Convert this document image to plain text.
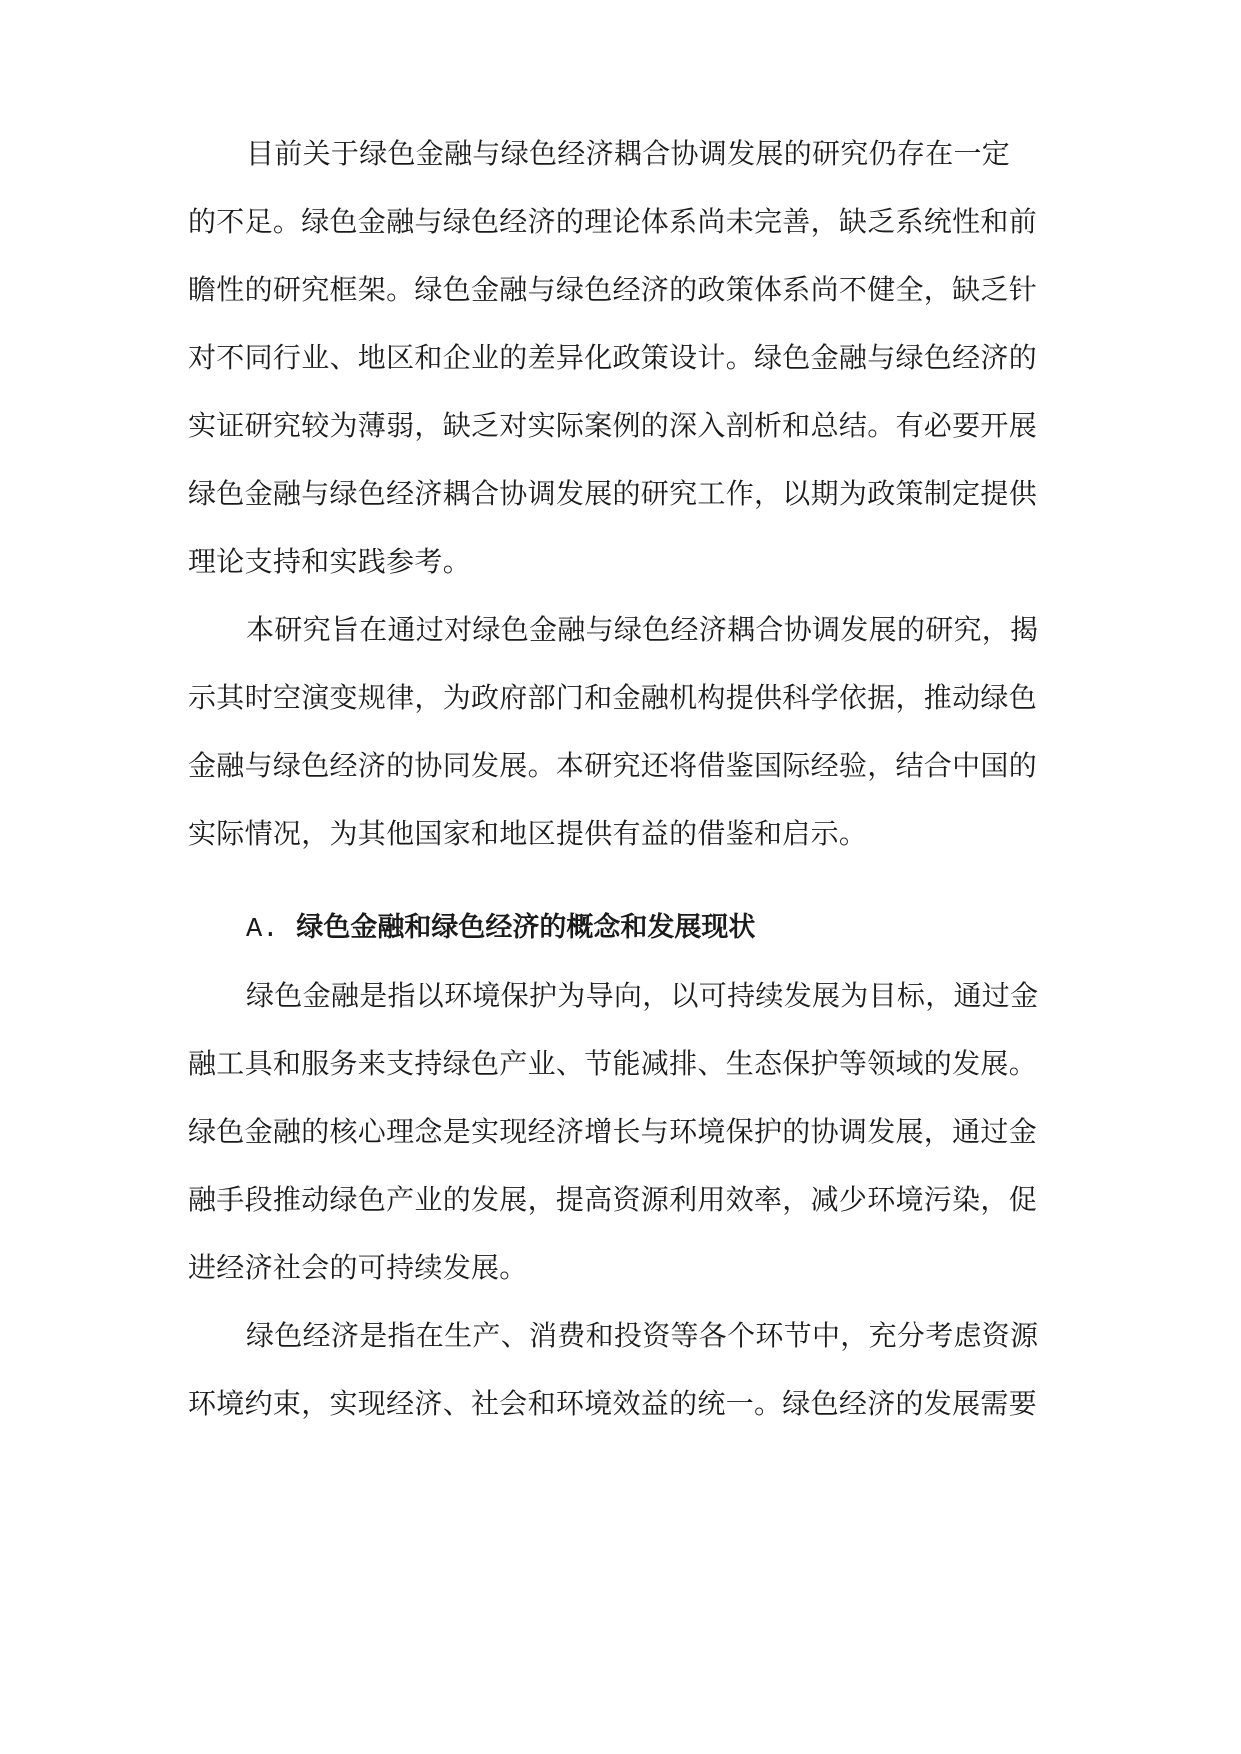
目前关于绿色金融与绿色经济耦合协调发展的研究仍存在一定
的不足。绿色金融与绿色经济的理论体系尚未完善，缺乏系统性和前
瞻性的研究框架。绿色金融与绿色经济的政策体系尚不健全，缺乏针
对不同行业、地区和企业的差异化政策设计。绿色金融与绿色经济的
实证研究较为薄弱，缺乏对实际案例的深入剖析和总结。有必要开展
绿色金融与绿色经济耦合协调发展的研究工作，以期为政策制定提供
理论支持和实践参考。
本研究旨在通过对绿色金融与绿色经济耦合协调发展的研究，揭
示其时空演变规律，为政府部门和金融机构提供科学依据，推动绿色
金融与绿色经济的协同发展。本研究还将借鉴国际经验，结合中国的
实际情况，为其他国家和地区提供有益的借鉴和启示。
A. 绿色金融和绿色经济的概念和发展现状
绿色金融是指以环境保护为导向，以可持续发展为目标，通过金
融工具和服务来支持绿色产业、节能减排、生态保护等领域的发展。
绿色金融的核心理念是实现经济增长与环境保护的协调发展，通过金
融手段推动绿色产业的发展，提高资源利用效率，减少环境污染，促
进经济社会的可持续发展。
绿色经济是指在生产、消费和投资等各个环节中，充分考虑资源
环境约束，实现经济、社会和环境效益的统一。绿色经济的发展需要
